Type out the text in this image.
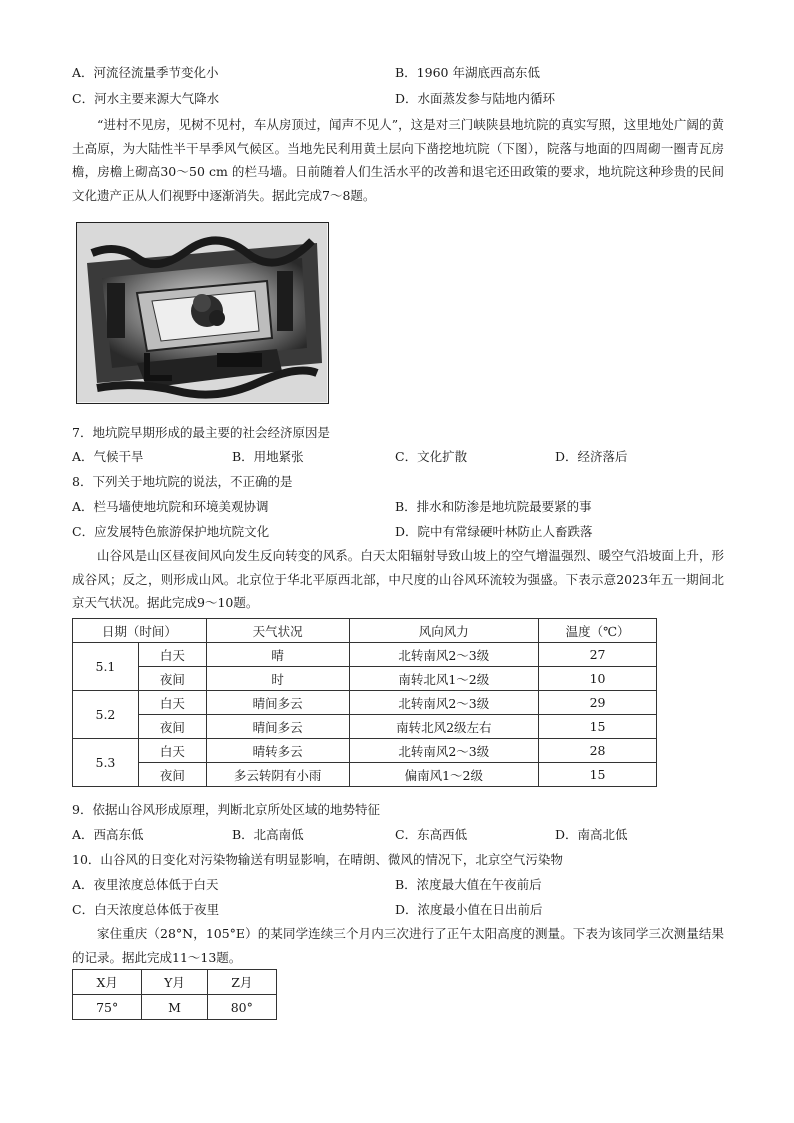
A．河流径流量季节变化小	B．1960 年湖底西高东低
C．河水主要来源大气降水	D．水面蒸发参与陆地内循环

“进村不见房，见树不见村，车从房顶过，闻声不见人”，这是对三门峡陕县地坑院的真实写照，这里地处广阔的黄土高原，为大陆性半干旱季风气候区。当地先民利用黄土层向下凿挖地坑院（下图），院落与地面的四周砌一圈青瓦房檐，房檐上砌高30～50 cm 的栏马墙。日前随着人们生活水平的改善和退宅还田政策的要求，地坑院这种珍贵的民间文化遗产正从人们视野中逐渐消失。据此完成7～8题。

7．地坑院早期形成的最主要的社会经济原因是
A．气候干旱	B．用地紧张	C．文化扩散	D．经济落后
8．下列关于地坑院的说法，不正确的是
A．栏马墙使地坑院和环境美观协调	B．排水和防渗是地坑院最要紧的事
C．应发展特色旅游保护地坑院文化	D．院中有常绿硬叶林防止人畜跌落

山谷风是山区昼夜间风向发生反向转变的风系。白天太阳辐射导致山坡上的空气增温强烈、暖空气沿坡面上升，形成谷风；反之，则形成山风。北京位于华北平原西北部，中尺度的山谷风环流较为强盛。下表示意2023年五一期间北京天气状况。据此完成9～10题。

日期（时间）		天气状况	风向风力	温度（℃）
5.1	白天	晴	北转南风2～3级	27
	夜间	时	南转北风1～2级	10
5.2	白天	晴间多云	北转南风2～3级	29
	夜间	晴间多云	南转北风2级左右	15
5.3	白天	晴转多云	北转南风2～3级	28
	夜间	多云转阴有小雨	偏南风1～2级	15
9．依据山谷风形成原理，判断北京所处区域的地势特征
A．西高东低	B．北高南低	C．东高西低	D．南高北低
10．山谷风的日变化对污染物输送有明显影响，在晴朗、微风的情况下，北京空气污染物
A．夜里浓度总体低于白天	B．浓度最大值在午夜前后
C．白天浓度总体低于夜里	D．浓度最小值在日出前后

家住重庆（28°N，105°E）的某同学连续三个月内三次进行了正午太阳高度的测量。下表为该同学三次测量结果的记录。据此完成11～13题。

X月	Y月	Z月
75°	M	80°
